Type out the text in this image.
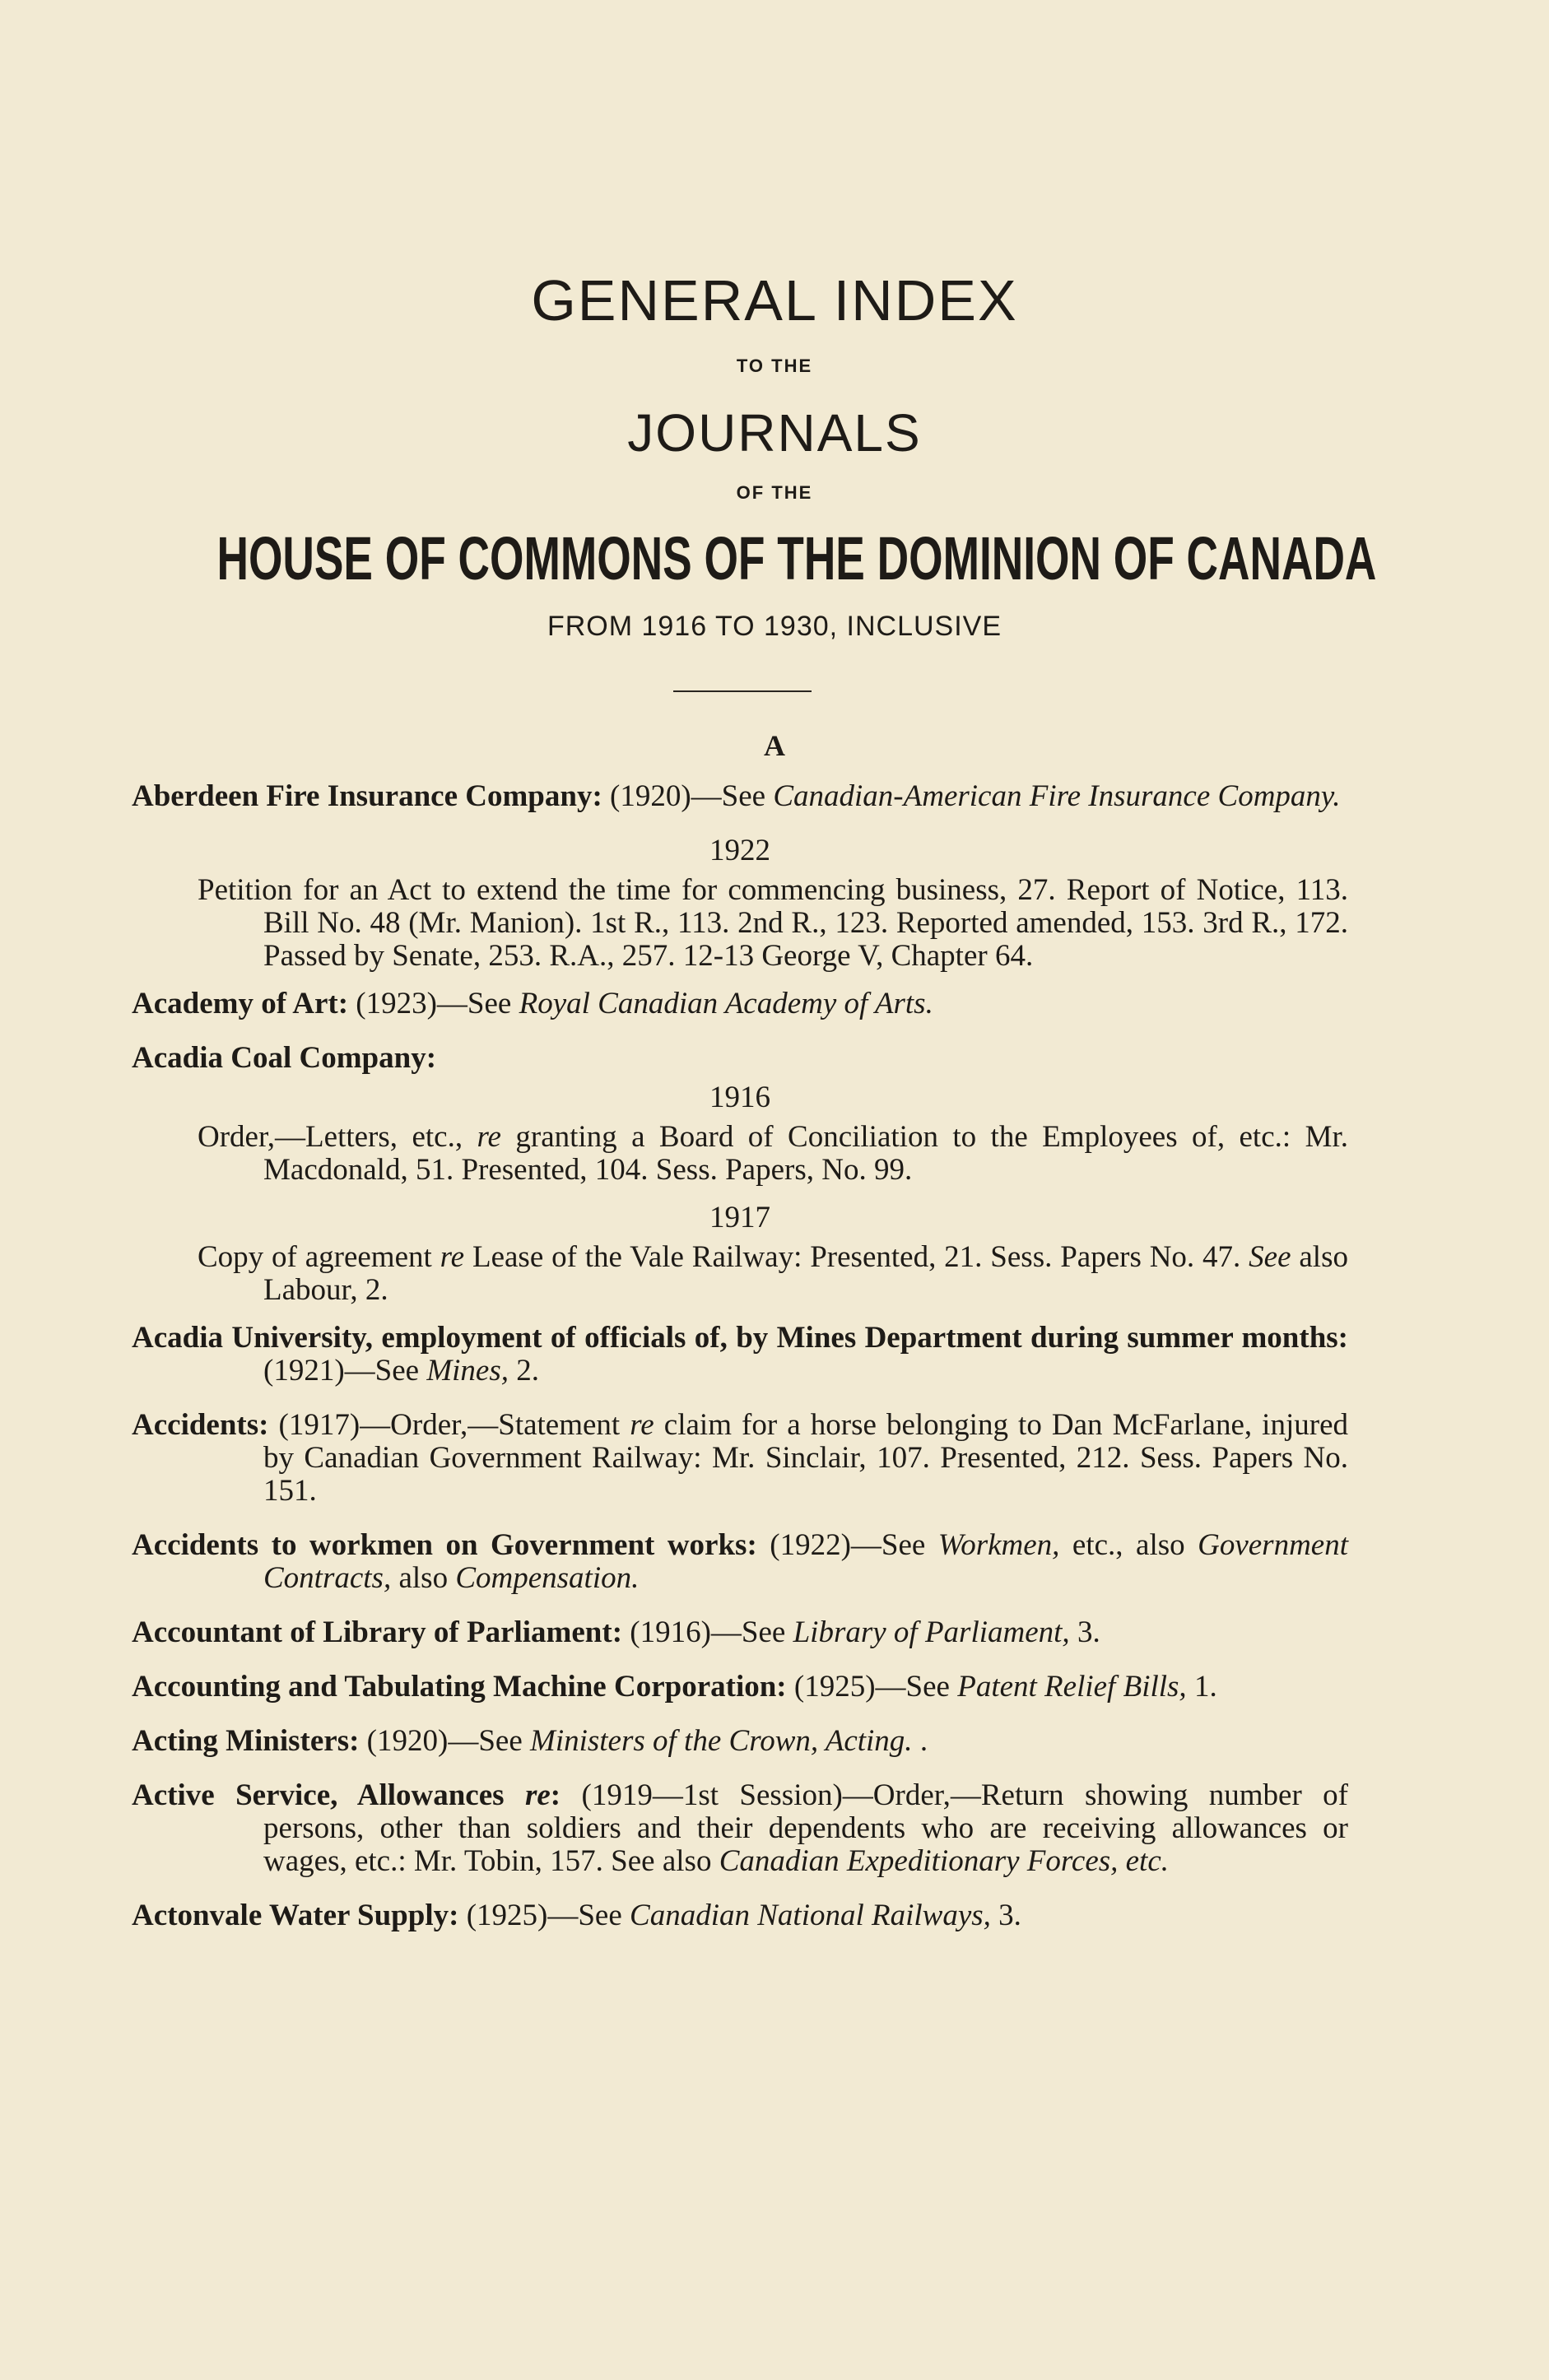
GENERAL INDEX
TO THE
JOURNALS
OF THE
HOUSE OF COMMONS OF THE DOMINION OF CANADA
FROM 1916 TO 1930, INCLUSIVE
A
Aberdeen Fire Insurance Company: (1920)—See Canadian-American Fire Insurance Company.
1922
Petition for an Act to extend the time for commencing business, 27. Report of Notice, 113. Bill No. 48 (Mr. Manion). 1st R., 113. 2nd R., 123. Reported amended, 153. 3rd R., 172. Passed by Senate, 253. R.A., 257. 12-13 George V, Chapter 64.
Academy of Art: (1923)—See Royal Canadian Academy of Arts.
Acadia Coal Company:
1916
Order,—Letters, etc., re granting a Board of Conciliation to the Employees of, etc.: Mr. Macdonald, 51. Presented, 104. Sess. Papers, No. 99.
1917
Copy of agreement re Lease of the Vale Railway: Presented, 21. Sess. Papers No. 47. See also Labour, 2.
Acadia University, employment of officials of, by Mines Department during summer months: (1921)—See Mines, 2.
Accidents: (1917)—Order,—Statement re claim for a horse belonging to Dan McFarlane, injured by Canadian Government Railway: Mr. Sinclair, 107. Presented, 212. Sess. Papers No. 151.
Accidents to workmen on Government works: (1922)—See Workmen, etc., also Government Contracts, also Compensation.
Accountant of Library of Parliament: (1916)—See Library of Parliament, 3.
Accounting and Tabulating Machine Corporation: (1925)—See Patent Relief Bills, 1.
Acting Ministers: (1920)—See Ministers of the Crown, Acting. .
Active Service, Allowances re: (1919—1st Session)—Order,—Return showing number of persons, other than soldiers and their dependents who are receiving allowances or wages, etc.: Mr. Tobin, 157. See also Canadian Expeditionary Forces, etc.
Actonvale Water Supply: (1925)—See Canadian National Railways, 3.
